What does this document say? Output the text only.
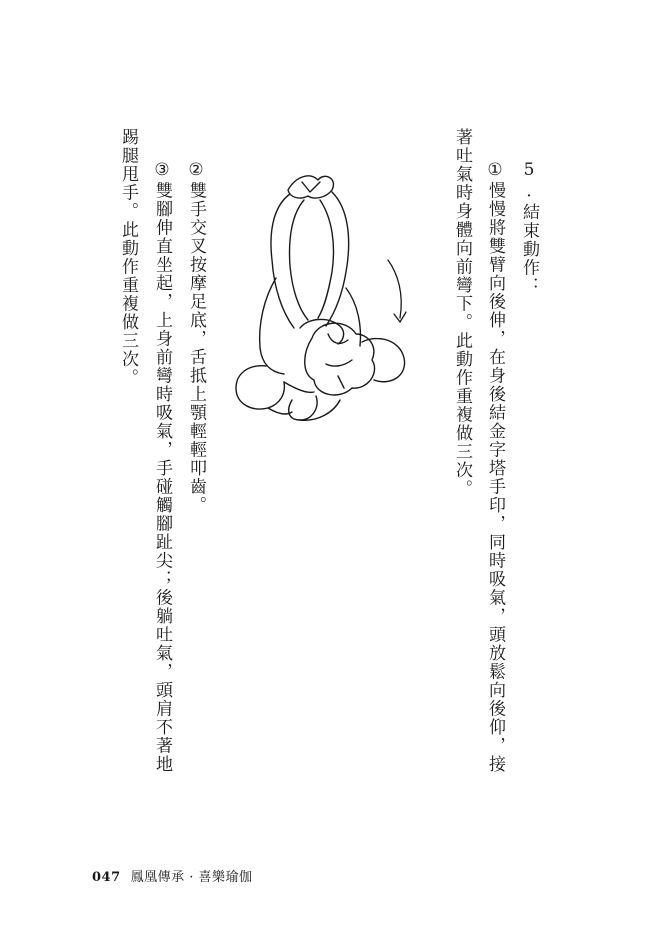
5.結束動作：
①慢慢將雙臂向後伸，在身後結金字塔手印，同時吸氣，頭放鬆向後仰，接
著吐氣時身體向前彎下。此動作重複做三次。
②雙手交叉按摩足底，舌抵上顎輕輕叩齒。
③雙腳伸直坐起，上身前彎時吸氣，手碰觸腳趾尖；後躺吐氣，頭肩不著地
踢腿甩手。此動作重複做三次。
047 鳳凰傳承 · 喜樂瑜伽
